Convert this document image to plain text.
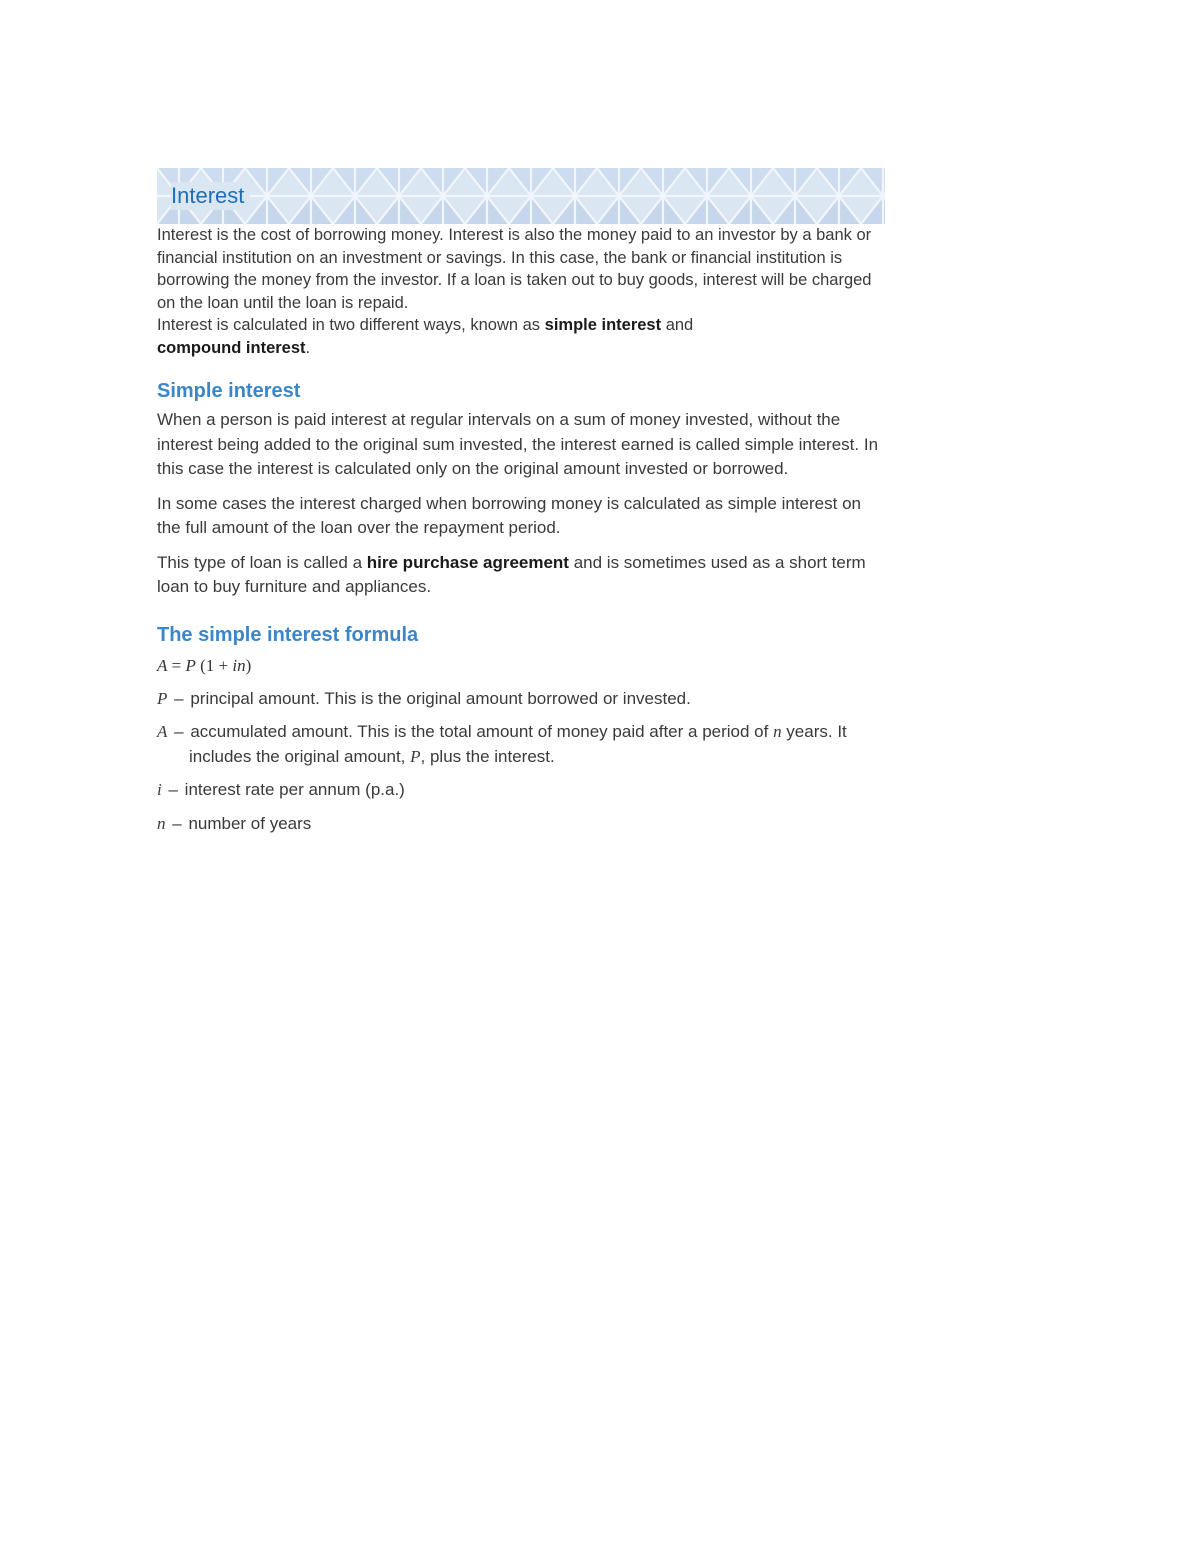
Interest

Interest is the cost of borrowing money. Interest is also the money paid to an investor by a bank or financial institution on an investment or savings. In this case, the bank or financial institution is borrowing the money from the investor. If a loan is taken out to buy goods, interest will be charged on the loan until the loan is repaid.

Interest is calculated in two different ways, known as simple interest and
compound interest.

Simple interest

When a person is paid interest at regular intervals on a sum of money invested, without the interest being added to the original sum invested, the interest earned is called simple interest. In this case the interest is calculated only on the original amount invested or borrowed.

In some cases the interest charged when borrowing money is calculated as simple interest on the full amount of the loan over the repayment period.

This type of loan is called a hire purchase agreement and is sometimes used as a short term loan to buy furniture and appliances.

The simple interest formula
A = P (1 + in)
P – principal amount. This is the original amount borrowed or invested.
A – accumulated amount. This is the total amount of money paid after a period of n years. It includes the original amount, P, plus the interest.
i – interest rate per annum (p.a.)
n – number of years
